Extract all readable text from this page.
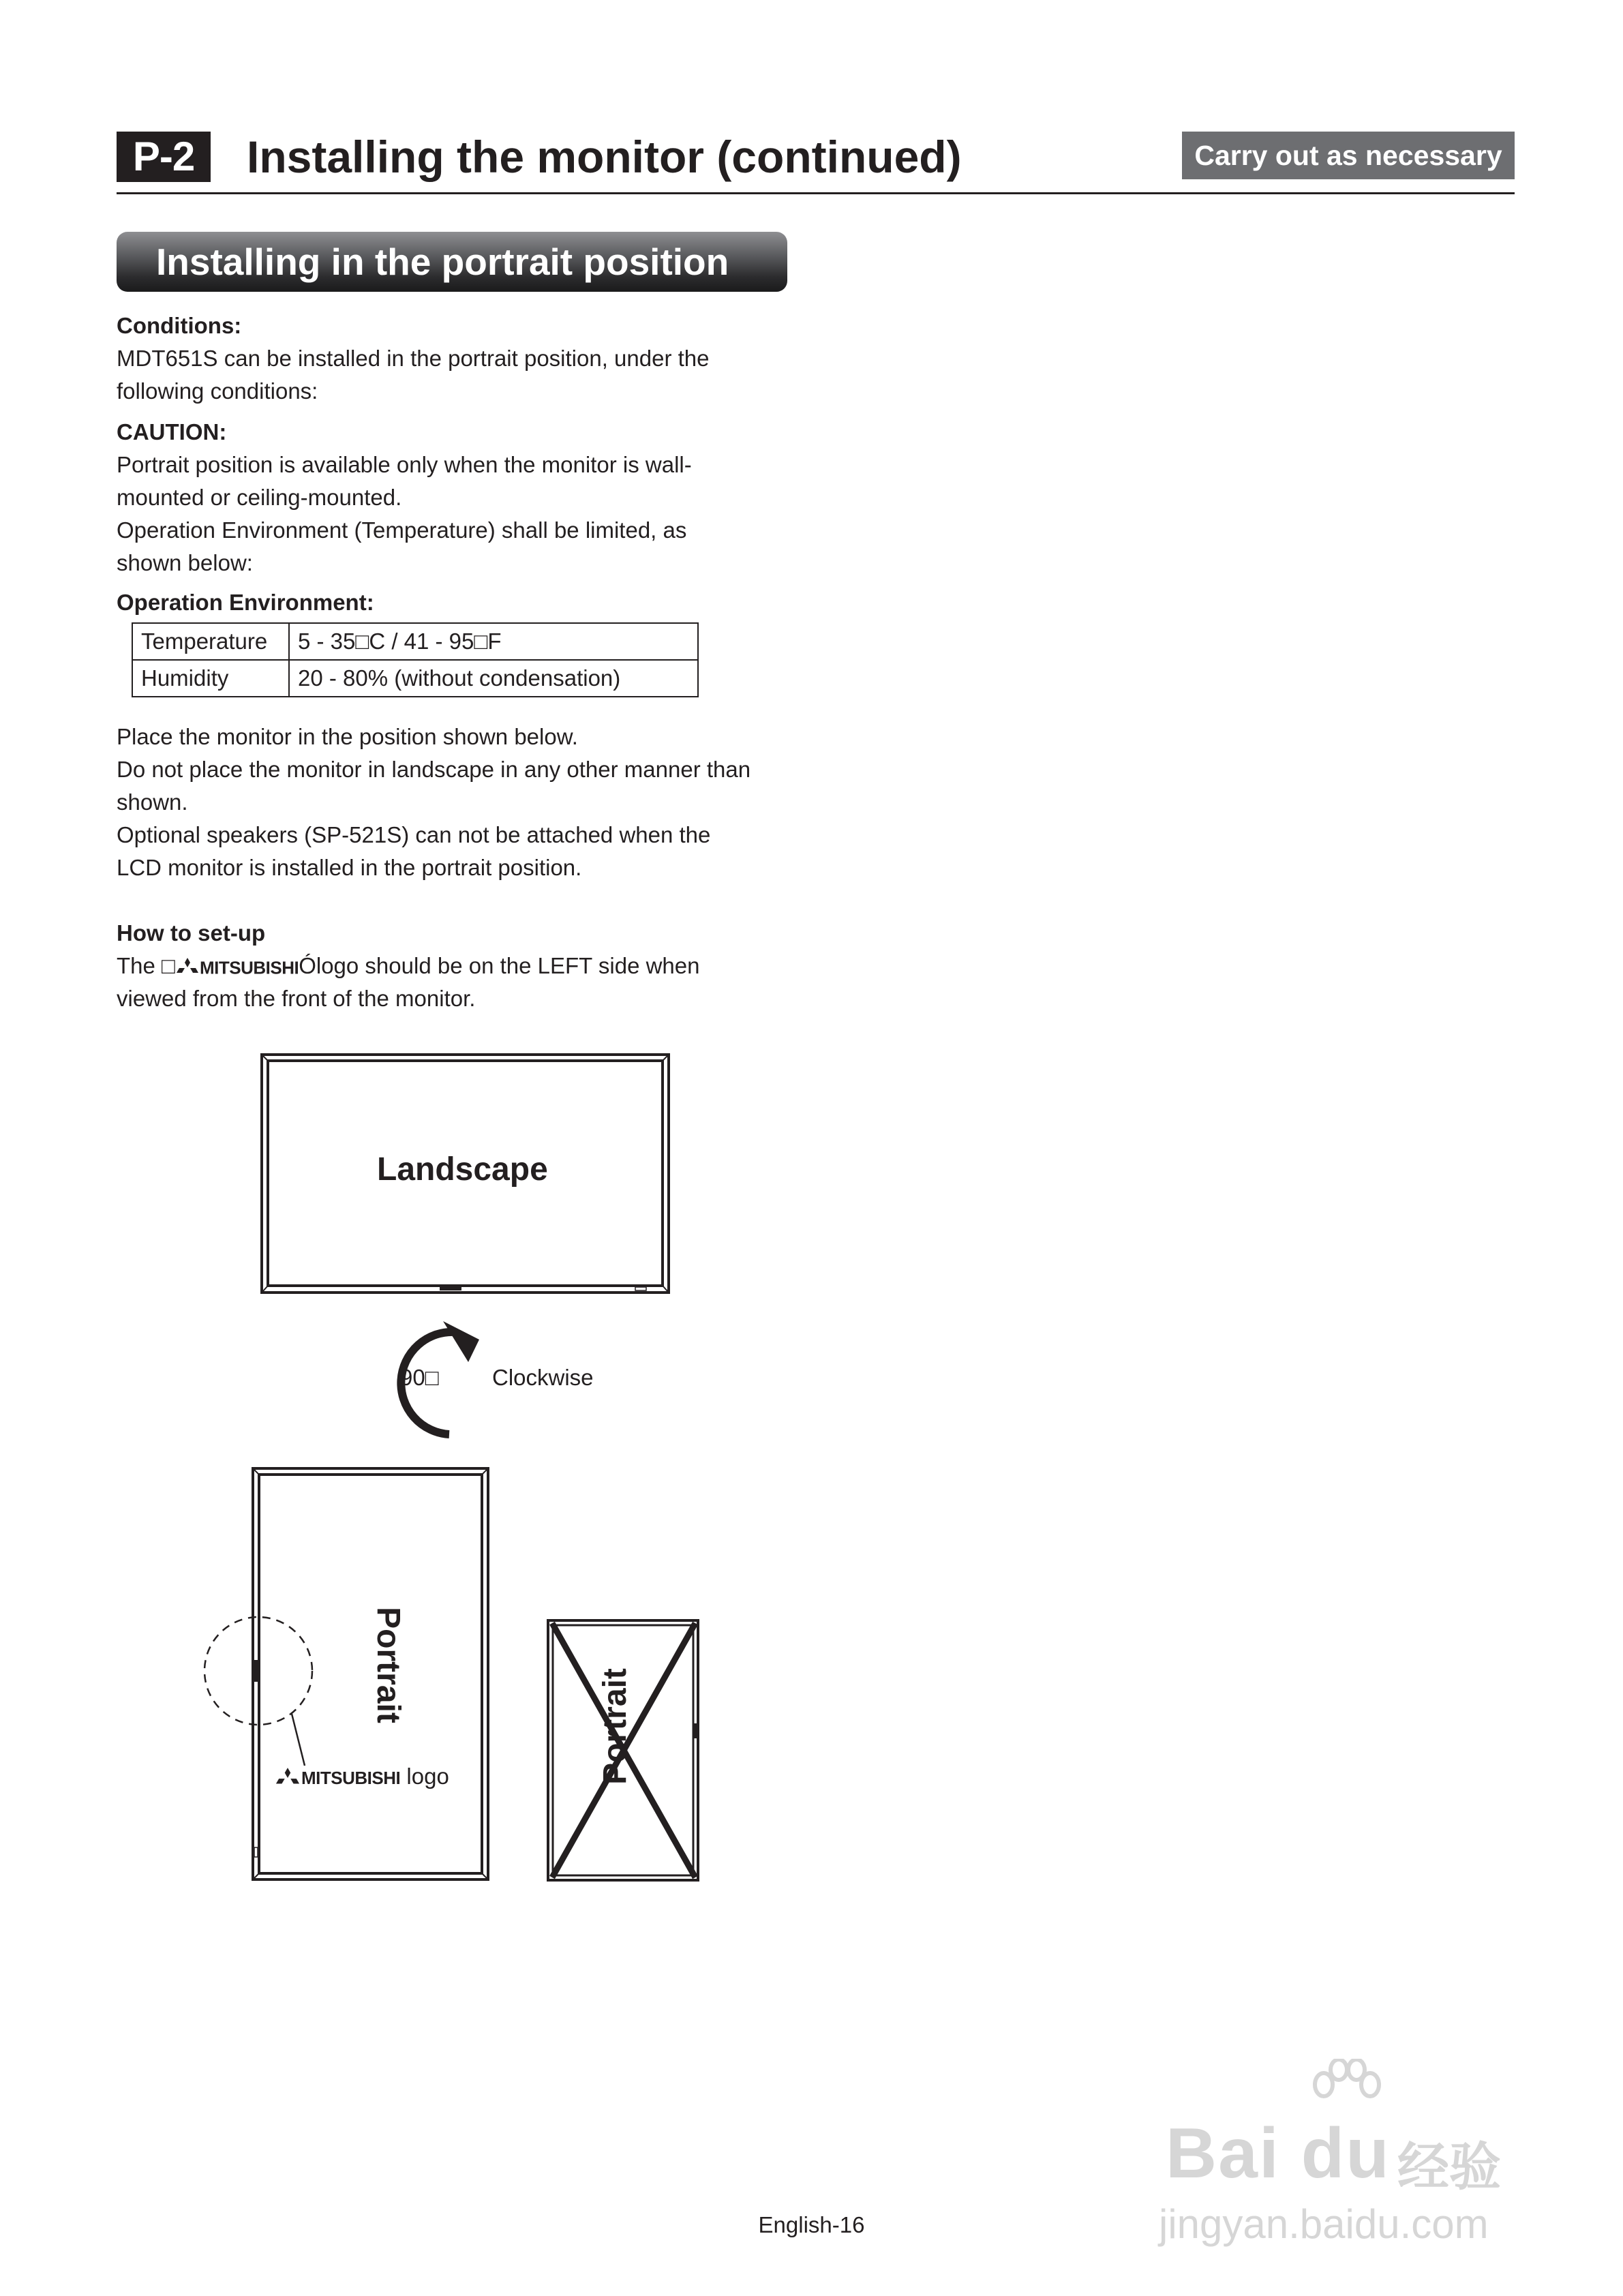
P-2	Installing the monitor (continued)	Carry out as necessary
Installing in the portrait position
Conditions:
MDT651S can be installed in the portrait position, under the
following conditions:
CAUTION:
Portrait position is available only when the monitor is wall-
mounted or ceiling-mounted.
Operation Environment (Temperature) shall be limited, as
shown below:
Operation Environment:
Temperature	5 - 35□C / 41 - 95□F
Humidity	20 - 80% (without condensation)
Place the monitor in the position shown below.
Do not place the monitor in landscape in any other manner than
shown.
Optional speakers (SP-521S) can not be attached when the
LCD monitor is installed in the portrait position.
How to set-up
The □ MITSUBISHIÓlogo should be on the LEFT side when
viewed from the front of the monitor.
Landscape
90□ Clockwise
Portrait
Portrait
MITSUBISHI logo
English-16
Bai du 经验
jingyan.baidu.com
